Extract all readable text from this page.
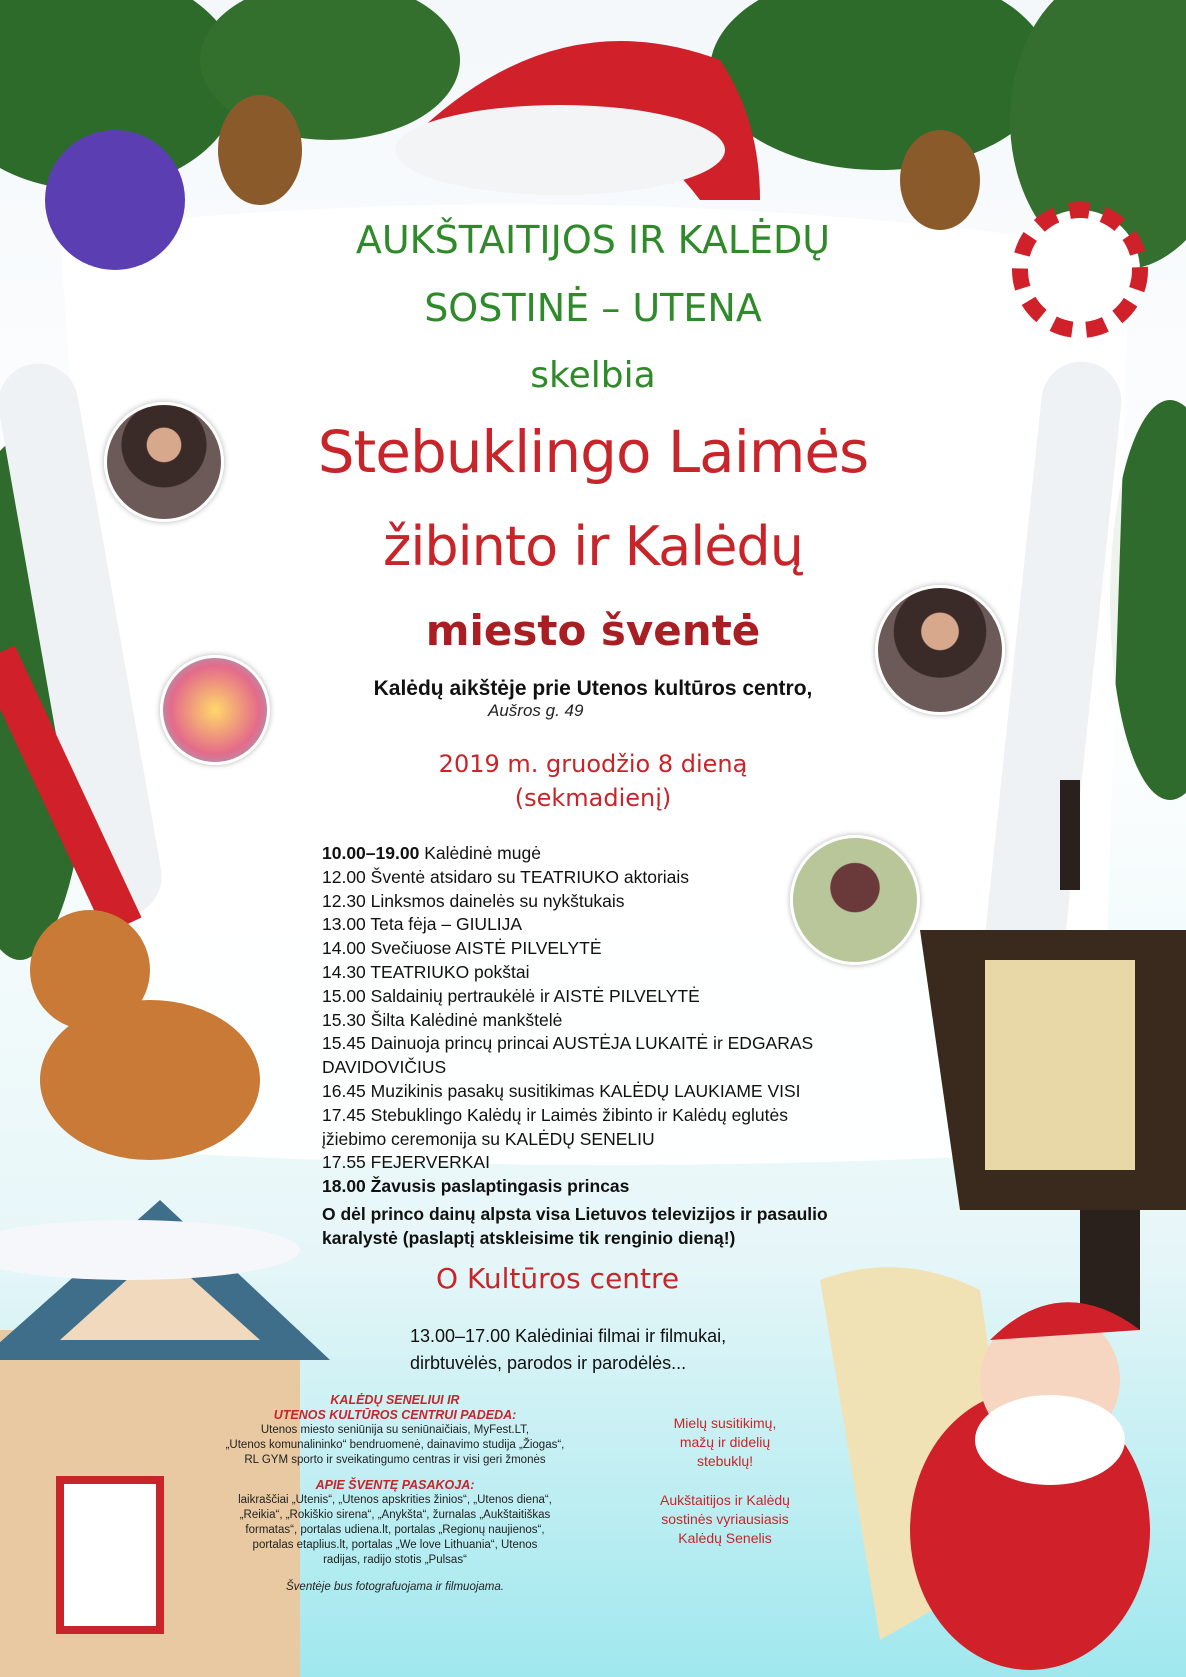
AUKŠTAITIJOS IR KALĖDŲ
SOSTINĖ – UTENA
skelbia
Stebuklingo Laimės
žibinto ir Kalėdų
miesto šventė
Kalėdų aikštėje prie Utenos kultūros centro,
Aušros g. 49
2019 m. gruodžio 8 dieną
(sekmadienį)
10.00–19.00 Kalėdinė mugė
12.00 Šventė atsidaro su TEATRIUKO aktoriais
12.30 Linksmos dainelės su nykštukais
13.00 Teta fėja – GIULIJA
14.00 Svečiuose AISTĖ PILVELYTĖ
14.30 TEATRIUKO pokštai
15.00 Saldainių pertraukėlė ir AISTĖ PILVELYTĖ
15.30 Šilta Kalėdinė mankštelė
15.45 Dainuoja princų princai AUSTĖJA LUKAITĖ ir EDGARAS
DAVIDOVIČIUS
16.45 Muzikinis pasakų susitikimas KALĖDŲ LAUKIAME VISI
17.45 Stebuklingo Kalėdų ir Laimės žibinto ir Kalėdų eglutės
įžiebimo ceremonija su KALĖDŲ SENELIU
17.55 FEJERVERKAI
18.00 Žavusis paslaptingasis princas
O dėl princo dainų alpsta visa Lietuvos televizijos ir pasaulio
karalystė (paslaptį atskleisime tik renginio dieną!)
O Kultūros centre
13.00–17.00 Kalėdiniai filmai ir filmukai,
dirbtuvėlės, parodos ir parodėlės...
KALĖDŲ SENELIUI IR
UTENOS KULTŪROS CENTRUI PADEDA:
Utenos miesto seniūnija su seniūnaičiais, MyFest.LT,
„Utenos komunalininko“ bendruomenė, dainavimo studija „Žiogas“,
RL GYM sporto ir sveikatingumo centras ir visi geri žmonės
APIE ŠVENTĘ PASAKOJA:
laikraščiai „Utenis“, „Utenos apskrities žinios“, „Utenos diena“,
„Reikia“, „Rokiškio sirena“, „Anykšta“, žurnalas „Aukštaitiškas
formatas“, portalas udiena.lt, portalas „Regionų naujienos“,
portalas etaplius.lt, portalas „We love Lithuania“, Utenos
radijas, radijo stotis „Pulsas“
Šventėje bus fotografuojama ir filmuojama.
Mielų susitikimų,
mažų ir didelių
stebuklų!
Aukštaitijos ir Kalėdų
sostinės vyriausiasis
Kalėdų Senelis
